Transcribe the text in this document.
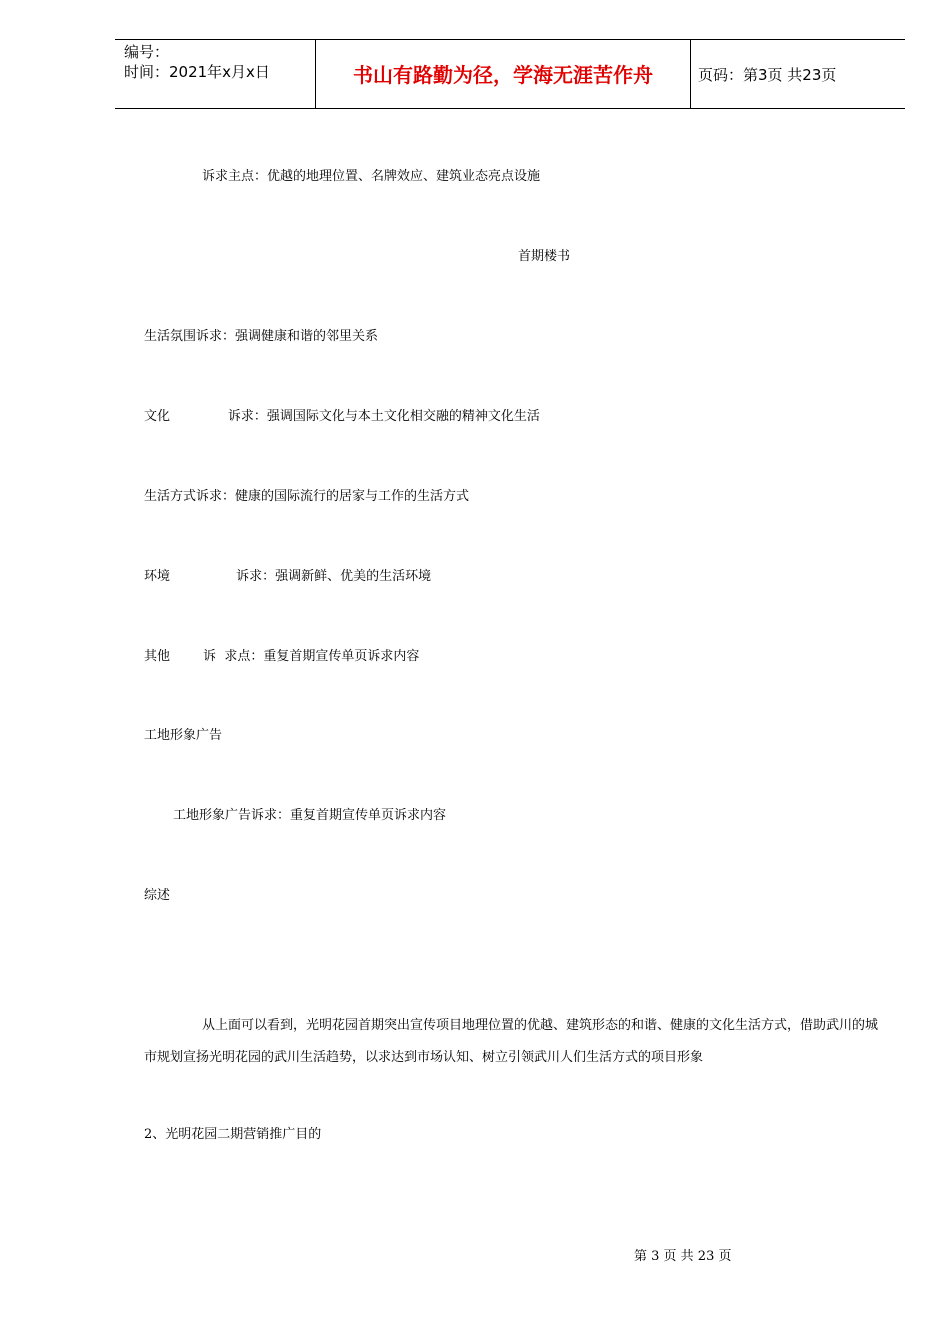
编号：
时间：2021年x月x日	书山有路勤为径，学海无涯苦作舟	页码：第3页 共23页
诉求主点：优越的地理位置、名牌效应、建筑业态亮点设施
首期楼书
生活氛围诉求：强调健康和谐的邻里关系
文化              诉求：强调国际文化与本土文化相交融的精神文化生活
生活方式诉求：健康的国际流行的居家与工作的生活方式
环境                诉求：强调新鲜、优美的生活环境
其他        诉  求点：重复首期宣传单页诉求内容
工地形象广告
工地形象广告诉求：重复首期宣传单页诉求内容
综述
从上面可以看到，光明花园首期突出宣传项目地理位置的优越、建筑形态的和谐、健康的文化生活方式，借助武川的城市规划宣扬光明花园的武川生活趋势，以求达到市场认知、树立引领武川人们生活方式的项目形象
2、光明花园二期营销推广目的
第 3 页 共 23 页
